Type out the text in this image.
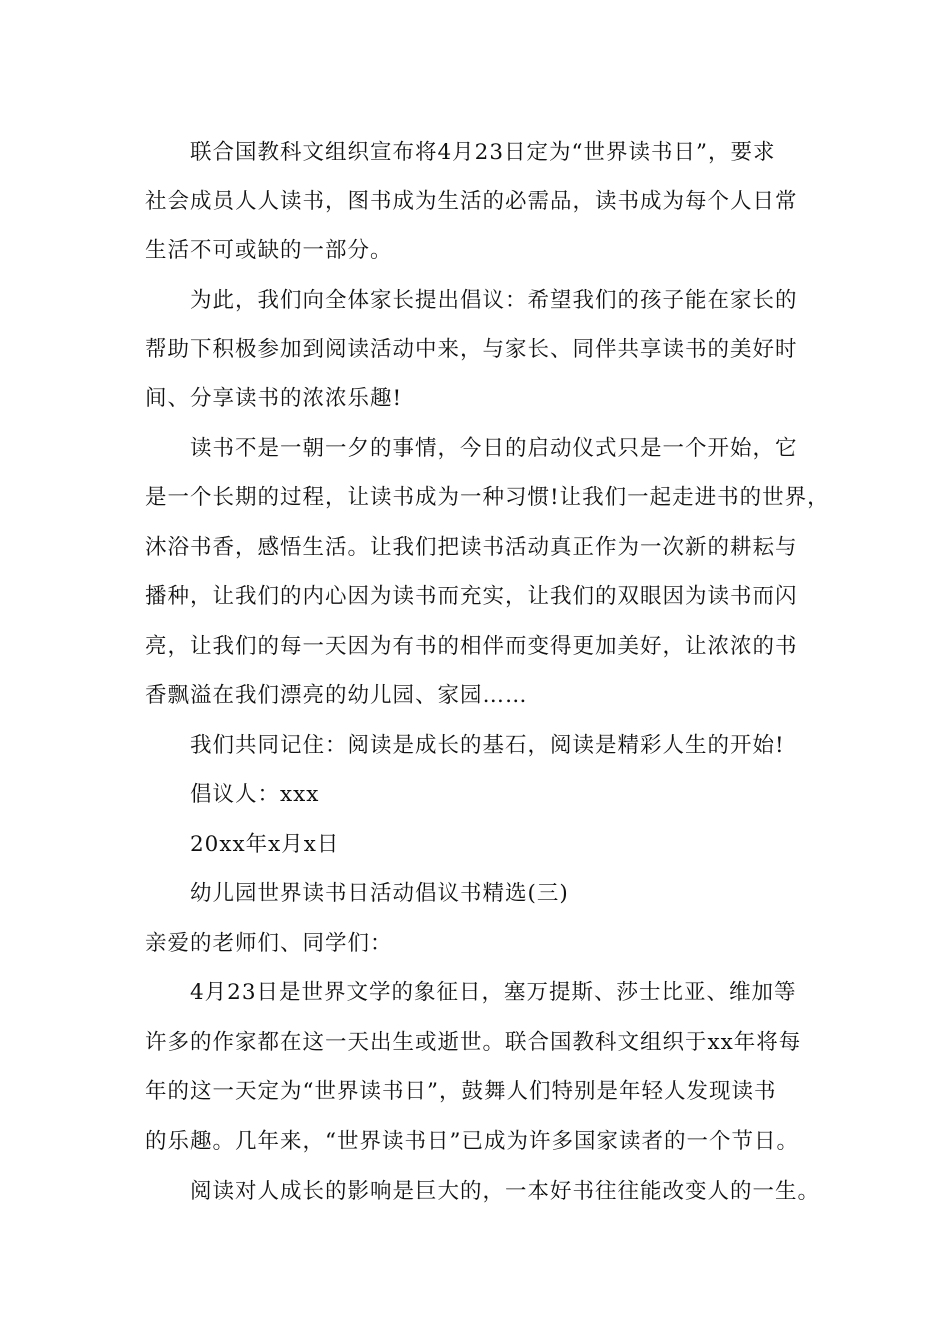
联合国教科文组织宣布将4月23日定为“世界读书日”，要求
社会成员人人读书，图书成为生活的必需品，读书成为每个人日常
生活不可或缺的一部分。
为此，我们向全体家长提出倡议：希望我们的孩子能在家长的
帮助下积极参加到阅读活动中来，与家长、同伴共享读书的美好时
间、分享读书的浓浓乐趣!
读书不是一朝一夕的事情，今日的启动仪式只是一个开始，它
是一个长期的过程，让读书成为一种习惯!让我们一起走进书的世界，
沐浴书香，感悟生活。让我们把读书活动真正作为一次新的耕耘与
播种，让我们的内心因为读书而充实，让我们的双眼因为读书而闪
亮，让我们的每一天因为有书的相伴而变得更加美好，让浓浓的书
香飘溢在我们漂亮的幼儿园、家园……
我们共同记住：阅读是成长的基石，阅读是精彩人生的开始!
倡议人：xxx
20xx年x月x日
幼儿园世界读书日活动倡议书精选(三)
亲爱的老师们、同学们：
4月23日是世界文学的象征日，塞万提斯、莎士比亚、维加等
许多的作家都在这一天出生或逝世。联合国教科文组织于xx年将每
年的这一天定为“世界读书日”，鼓舞人们特别是年轻人发现读书
的乐趣。几年来，“世界读书日”已成为许多国家读者的一个节日。
阅读对人成长的影响是巨大的，一本好书往往能改变人的一生。
